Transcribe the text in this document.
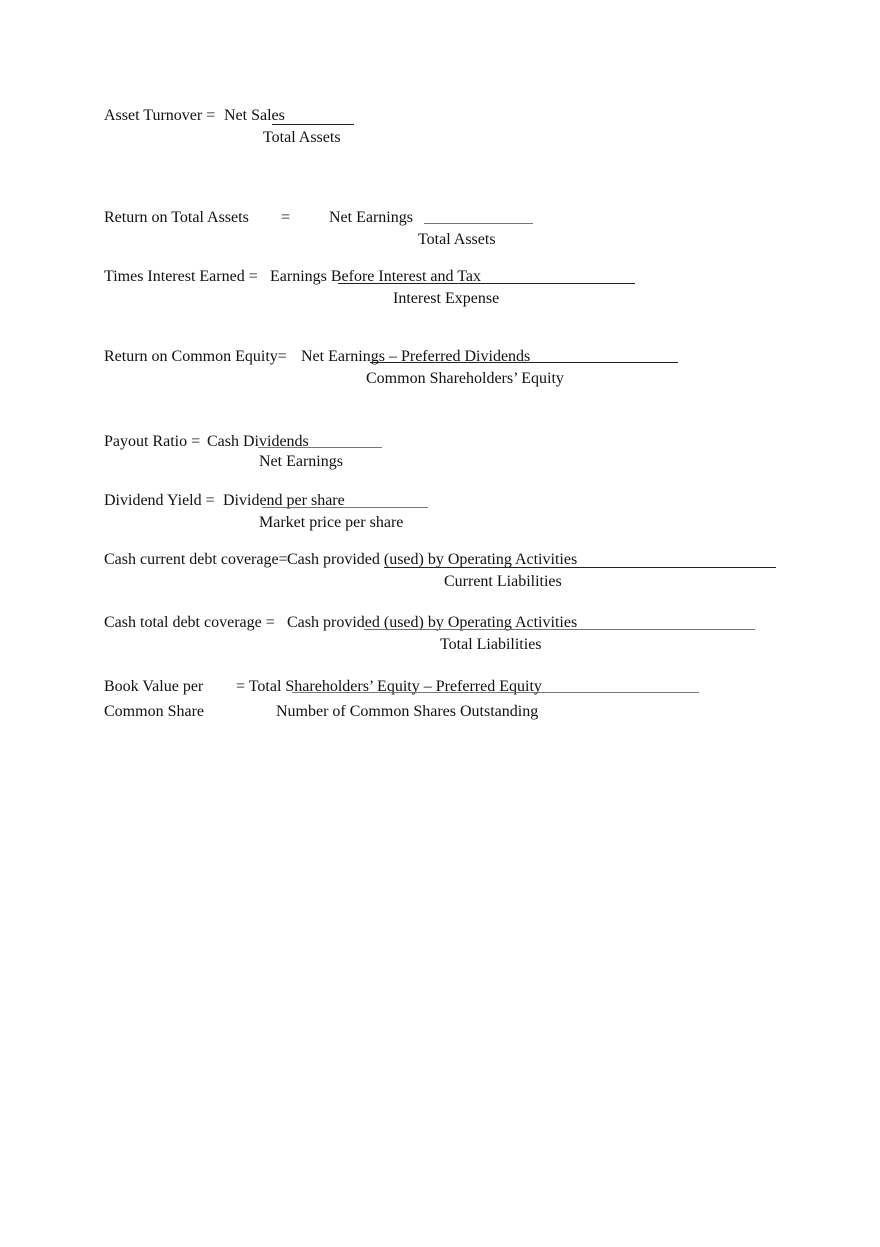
Asset Turnover = Net Sales
Total Assets
Return on Total Assets = Net Earnings
Total Assets
Times Interest Earned = Earnings Before Interest and Tax
Interest Expense
Return on Common Equity= Net Earnings – Preferred Dividends
Common Shareholders’ Equity
Payout Ratio = Cash Dividends
Net Earnings
Dividend Yield = Dividend per share
Market price per share
Cash current debt coverage= Cash provided (used) by Operating Activities
Current Liabilities
Cash total debt coverage = Cash provided (used) by Operating Activities
Total Liabilities
Book Value per
Common Share
= Total Shareholders’ Equity – Preferred Equity
Number of Common Shares Outstanding
